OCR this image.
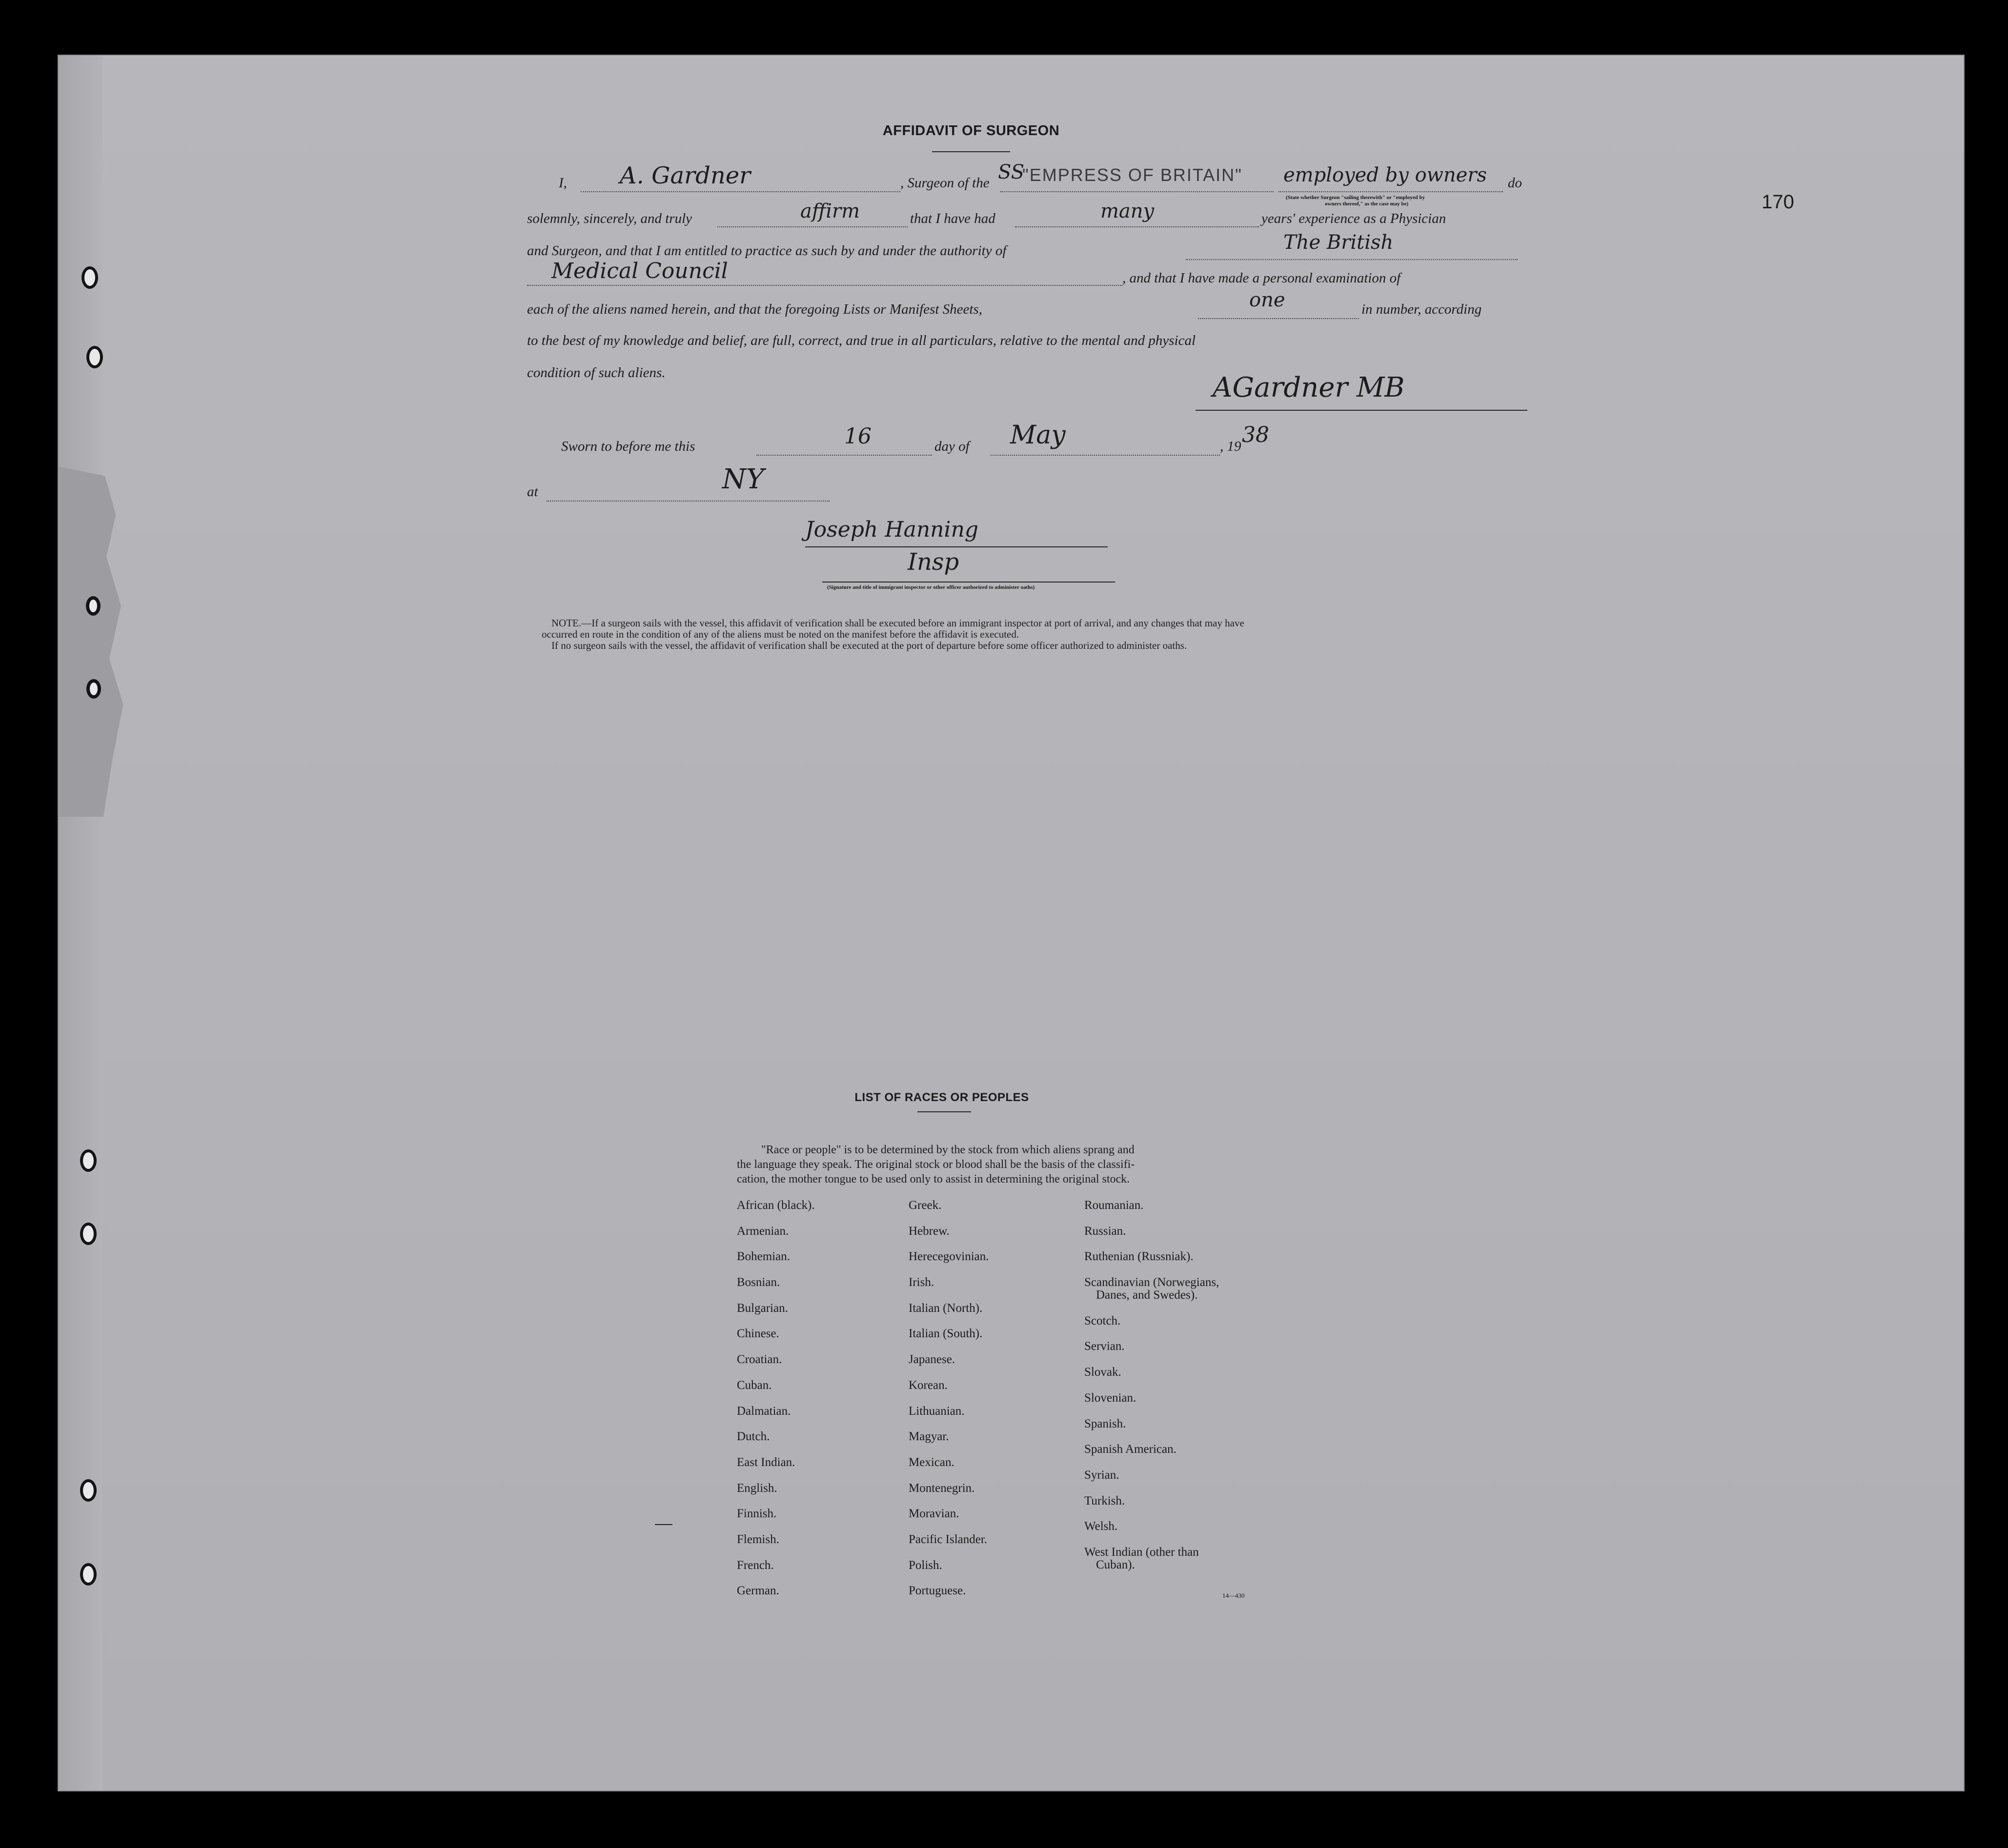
170
AFFIDAVIT OF SURGEON
I, A. Gardner	, Surgeon of the SS
"EMPRESS OF BRITAIN" employed by owners do
(State whether Surgeon "sailing therewith" or "employed by
owners thereof," as the case may be)
solemnly, sincerely, and truly	affirm	that I have had	many	years' experience as a Physician
and Surgeon, and that I am entitled to practice as such by and under the authority of	The British
Medical Council	, and that I have made a personal examination of
each of the aliens named herein, and that the foregoing Lists or Manifest Sheets,	one	in number, according
to the best of my knowledge and belief, are full, correct, and true in all particulars, relative to the mental and physical
condition of such aliens.	AGardner MB
Sworn to before me this	16	day of May	, 19 38
at	NY
Joseph Hanning
Insp
(Signature and title of immigrant inspector or other officer authorized to administer oaths)
NOTE.—If a surgeon sails with the vessel, this affidavit of verification shall be executed before an immigrant inspector at port of arrival, and any changes that may have
occurred en route in the condition of any of the aliens must be noted on the manifest before the affidavit is executed.
If no surgeon sails with the vessel, the affidavit of verification shall be executed at the port of departure before some officer authorized to administer oaths.
LIST OF RACES OR PEOPLES
"Race or people" is to be determined by the stock from which aliens sprang and
the language they speak. The original stock or blood shall be the basis of the classifi-
cation, the mother tongue to be used only to assist in determining the original stock.
African (black).
Armenian.
Bohemian.
Bosnian.
Bulgarian.
Chinese.
Croatian.
Cuban.
Dalmatian.
Dutch.
East Indian.
English.
Finnish.
Flemish.
French.
German.
Greek.
Hebrew.
Herecegovinian.
Irish.
Italian (North).
Italian (South).
Japanese.
Korean.
Lithuanian.
Magyar.
Mexican.
Montenegrin.
Moravian.
Pacific Islander.
Polish.
Portuguese.
Roumanian.
Russian.
Ruthenian (Russniak).
Scandinavian (Norwegians,
Danes, and Swedes).
Scotch.
Servian.
Slovak.
Slovenian.
Spanish.
Spanish American.
Syrian.
Turkish.
Welsh.
West Indian (other than
Cuban).
14—430
